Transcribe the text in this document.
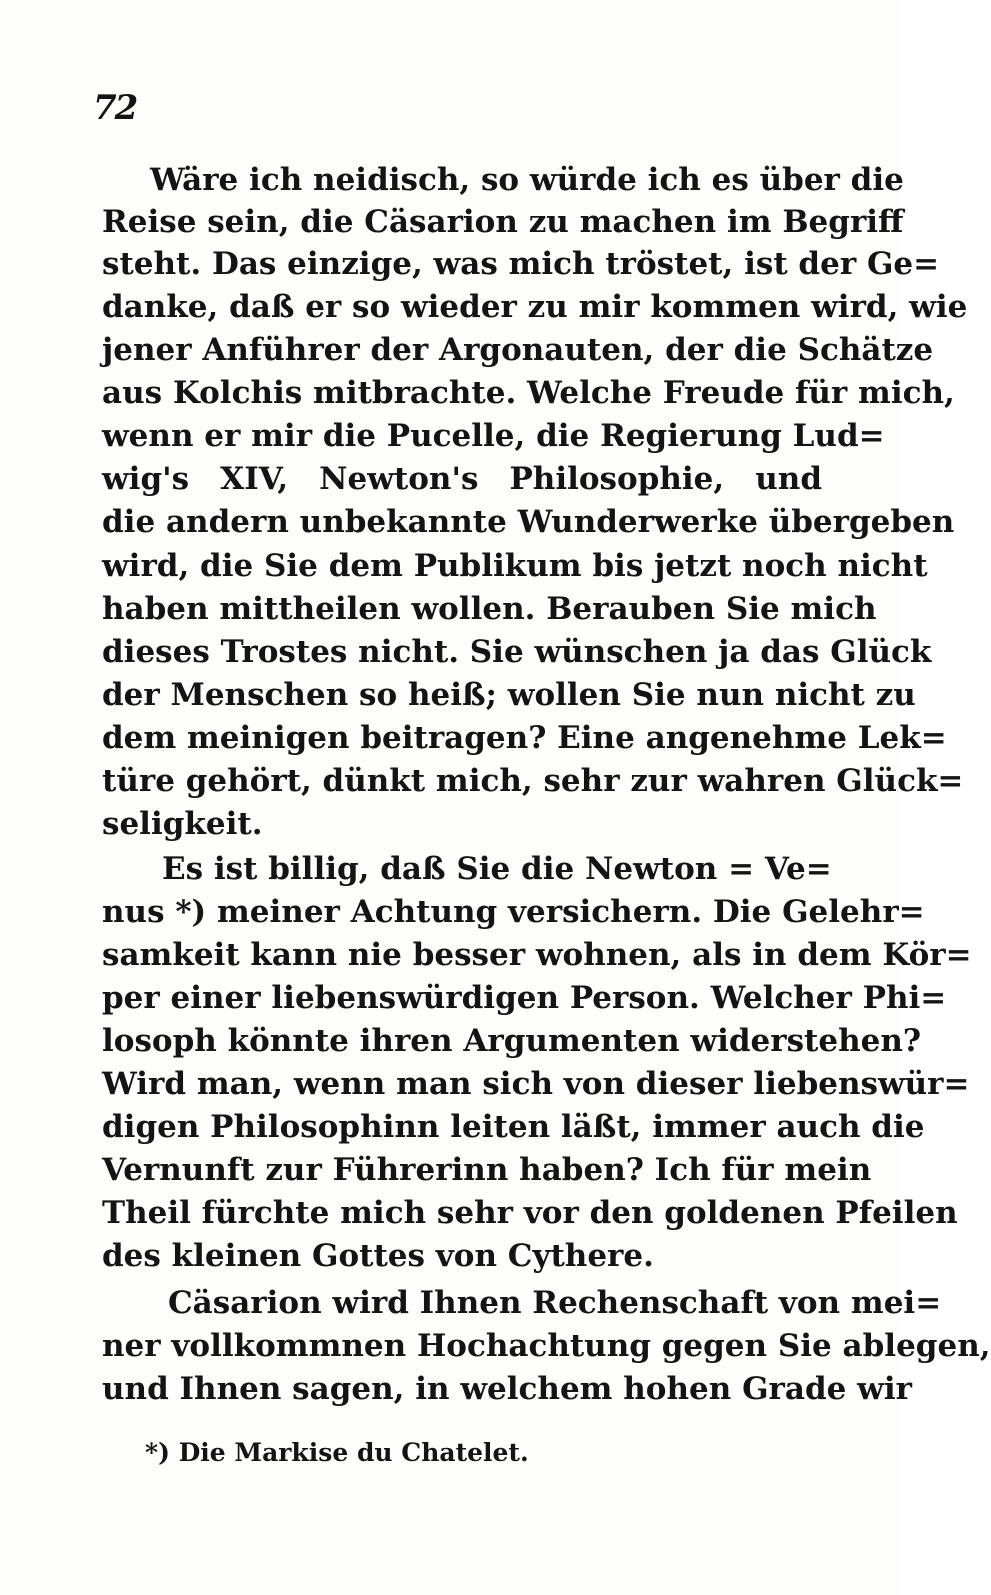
72
Wäre ich neidisch, so würde ich es über die
Reise sein, die Cäsarion zu machen im Begriff
steht. Das einzige, was mich tröstet, ist der Ge=
danke, daß er so wieder zu mir kommen wird, wie
jener Anführer der Argonauten, der die Schätze
aus Kolchis mitbrachte. Welche Freude für mich,
wenn er mir die Pucelle, die Regierung Lud=
wig's XIV, Newton's Philosophie, und
die andern unbekannte Wunderwerke übergeben
wird, die Sie dem Publikum bis jetzt noch nicht
haben mittheilen wollen. Berauben Sie mich
dieses Trostes nicht. Sie wünschen ja das Glück
der Menschen so heiß; wollen Sie nun nicht zu
dem meinigen beitragen? Eine angenehme Lek=
türe gehört, dünkt mich, sehr zur wahren Glück=
seligkeit.
Es ist billig, daß Sie die Newton = Ve=
nus *) meiner Achtung versichern. Die Gelehr=
samkeit kann nie besser wohnen, als in dem Kör=
per einer liebenswürdigen Person. Welcher Phi=
losoph könnte ihren Argumenten widerstehen?
Wird man, wenn man sich von dieser liebenswür=
digen Philosophinn leiten läßt, immer auch die
Vernunft zur Führerinn haben? Ich für mein
Theil fürchte mich sehr vor den goldenen Pfeilen
des kleinen Gottes von Cythere.
Cäsarion wird Ihnen Rechenschaft von mei=
ner vollkommnen Hochachtung gegen Sie ablegen,
und Ihnen sagen, in welchem hohen Grade wir
*) Die Markise du Chatelet.
